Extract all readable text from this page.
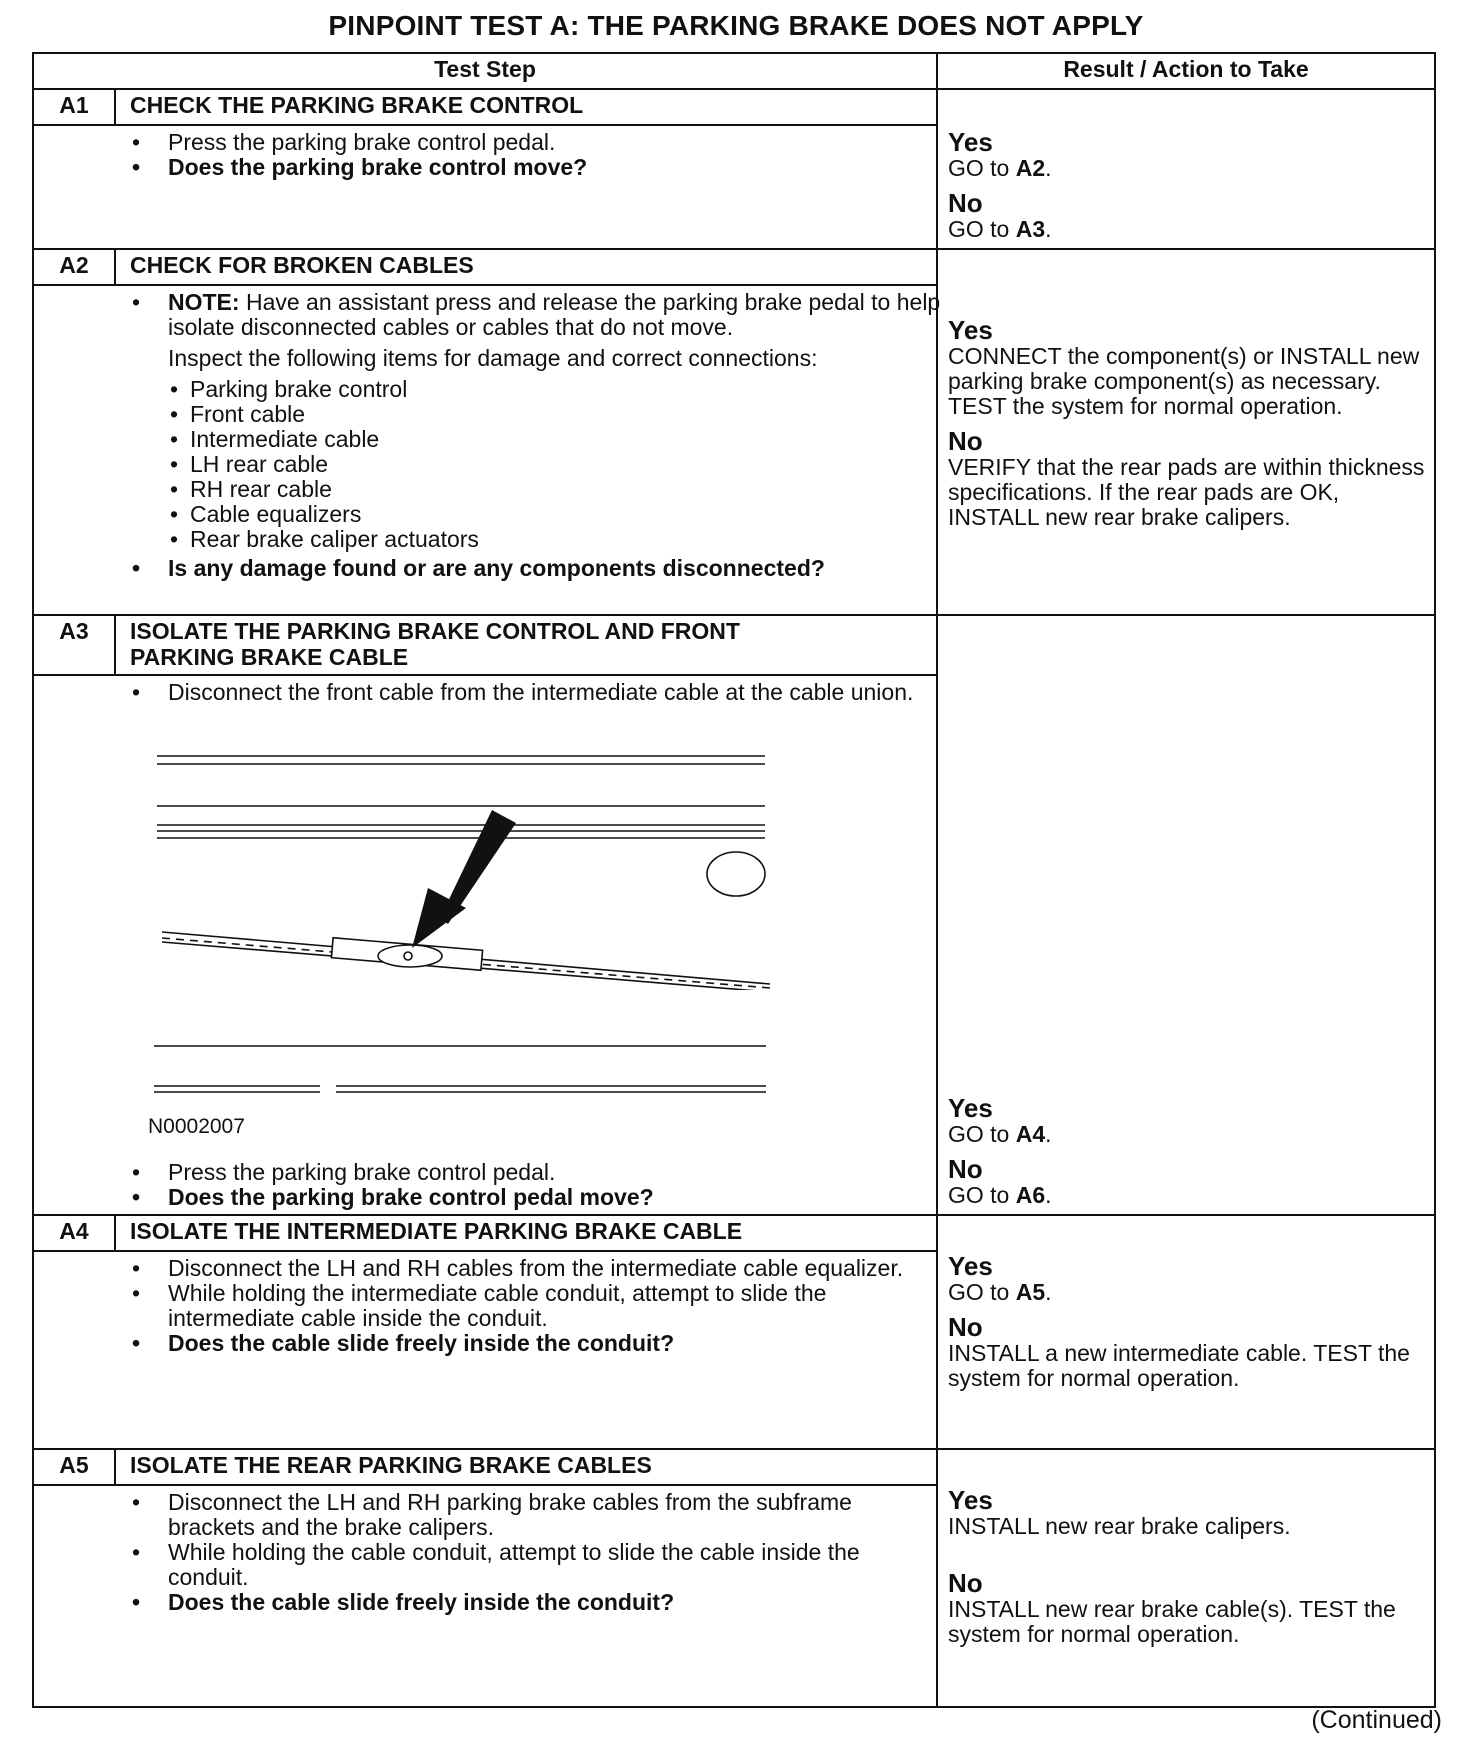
PINPOINT TEST A: THE PARKING BRAKE DOES NOT APPLY
Test Step	Result / Action to Take
A1	CHECK THE PARKING BRAKE CONTROL
• Press the parking brake control pedal.
• Does the parking brake control move?
Yes
GO to A2.
No
GO to A3.
A2	CHECK FOR BROKEN CABLES
• NOTE: Have an assistant press and release the parking brake pedal to help isolate disconnected cables or cables that do not move.
Inspect the following items for damage and correct connections:
• Parking brake control
• Front cable
• Intermediate cable
• LH rear cable
• RH rear cable
• Cable equalizers
• Rear brake caliper actuators
• Is any damage found or are any components disconnected?
Yes
CONNECT the component(s) or INSTALL new parking brake component(s) as necessary. TEST the system for normal operation.
No
VERIFY that the rear pads are within thickness specifications. If the rear pads are OK, INSTALL new rear brake calipers.
A3	ISOLATE THE PARKING BRAKE CONTROL AND FRONT PARKING BRAKE CABLE
• Disconnect the front cable from the intermediate cable at the cable union.
• Press the parking brake control pedal.
• Does the parking brake control pedal move?
Yes
GO to A4.
No
GO to A6.
A4	ISOLATE THE INTERMEDIATE PARKING BRAKE CABLE
• Disconnect the LH and RH cables from the intermediate cable equalizer.
• While holding the intermediate cable conduit, attempt to slide the intermediate cable inside the conduit.
• Does the cable slide freely inside the conduit?
Yes
GO to A5.
No
INSTALL a new intermediate cable. TEST the system for normal operation.
A5	ISOLATE THE REAR PARKING BRAKE CABLES
• Disconnect the LH and RH parking brake cables from the subframe brackets and the brake calipers.
• While holding the cable conduit, attempt to slide the cable inside the conduit.
• Does the cable slide freely inside the conduit?
Yes
INSTALL new rear brake calipers.
No
INSTALL new rear brake cable(s). TEST the system for normal operation.
N0002007
(Continued)
